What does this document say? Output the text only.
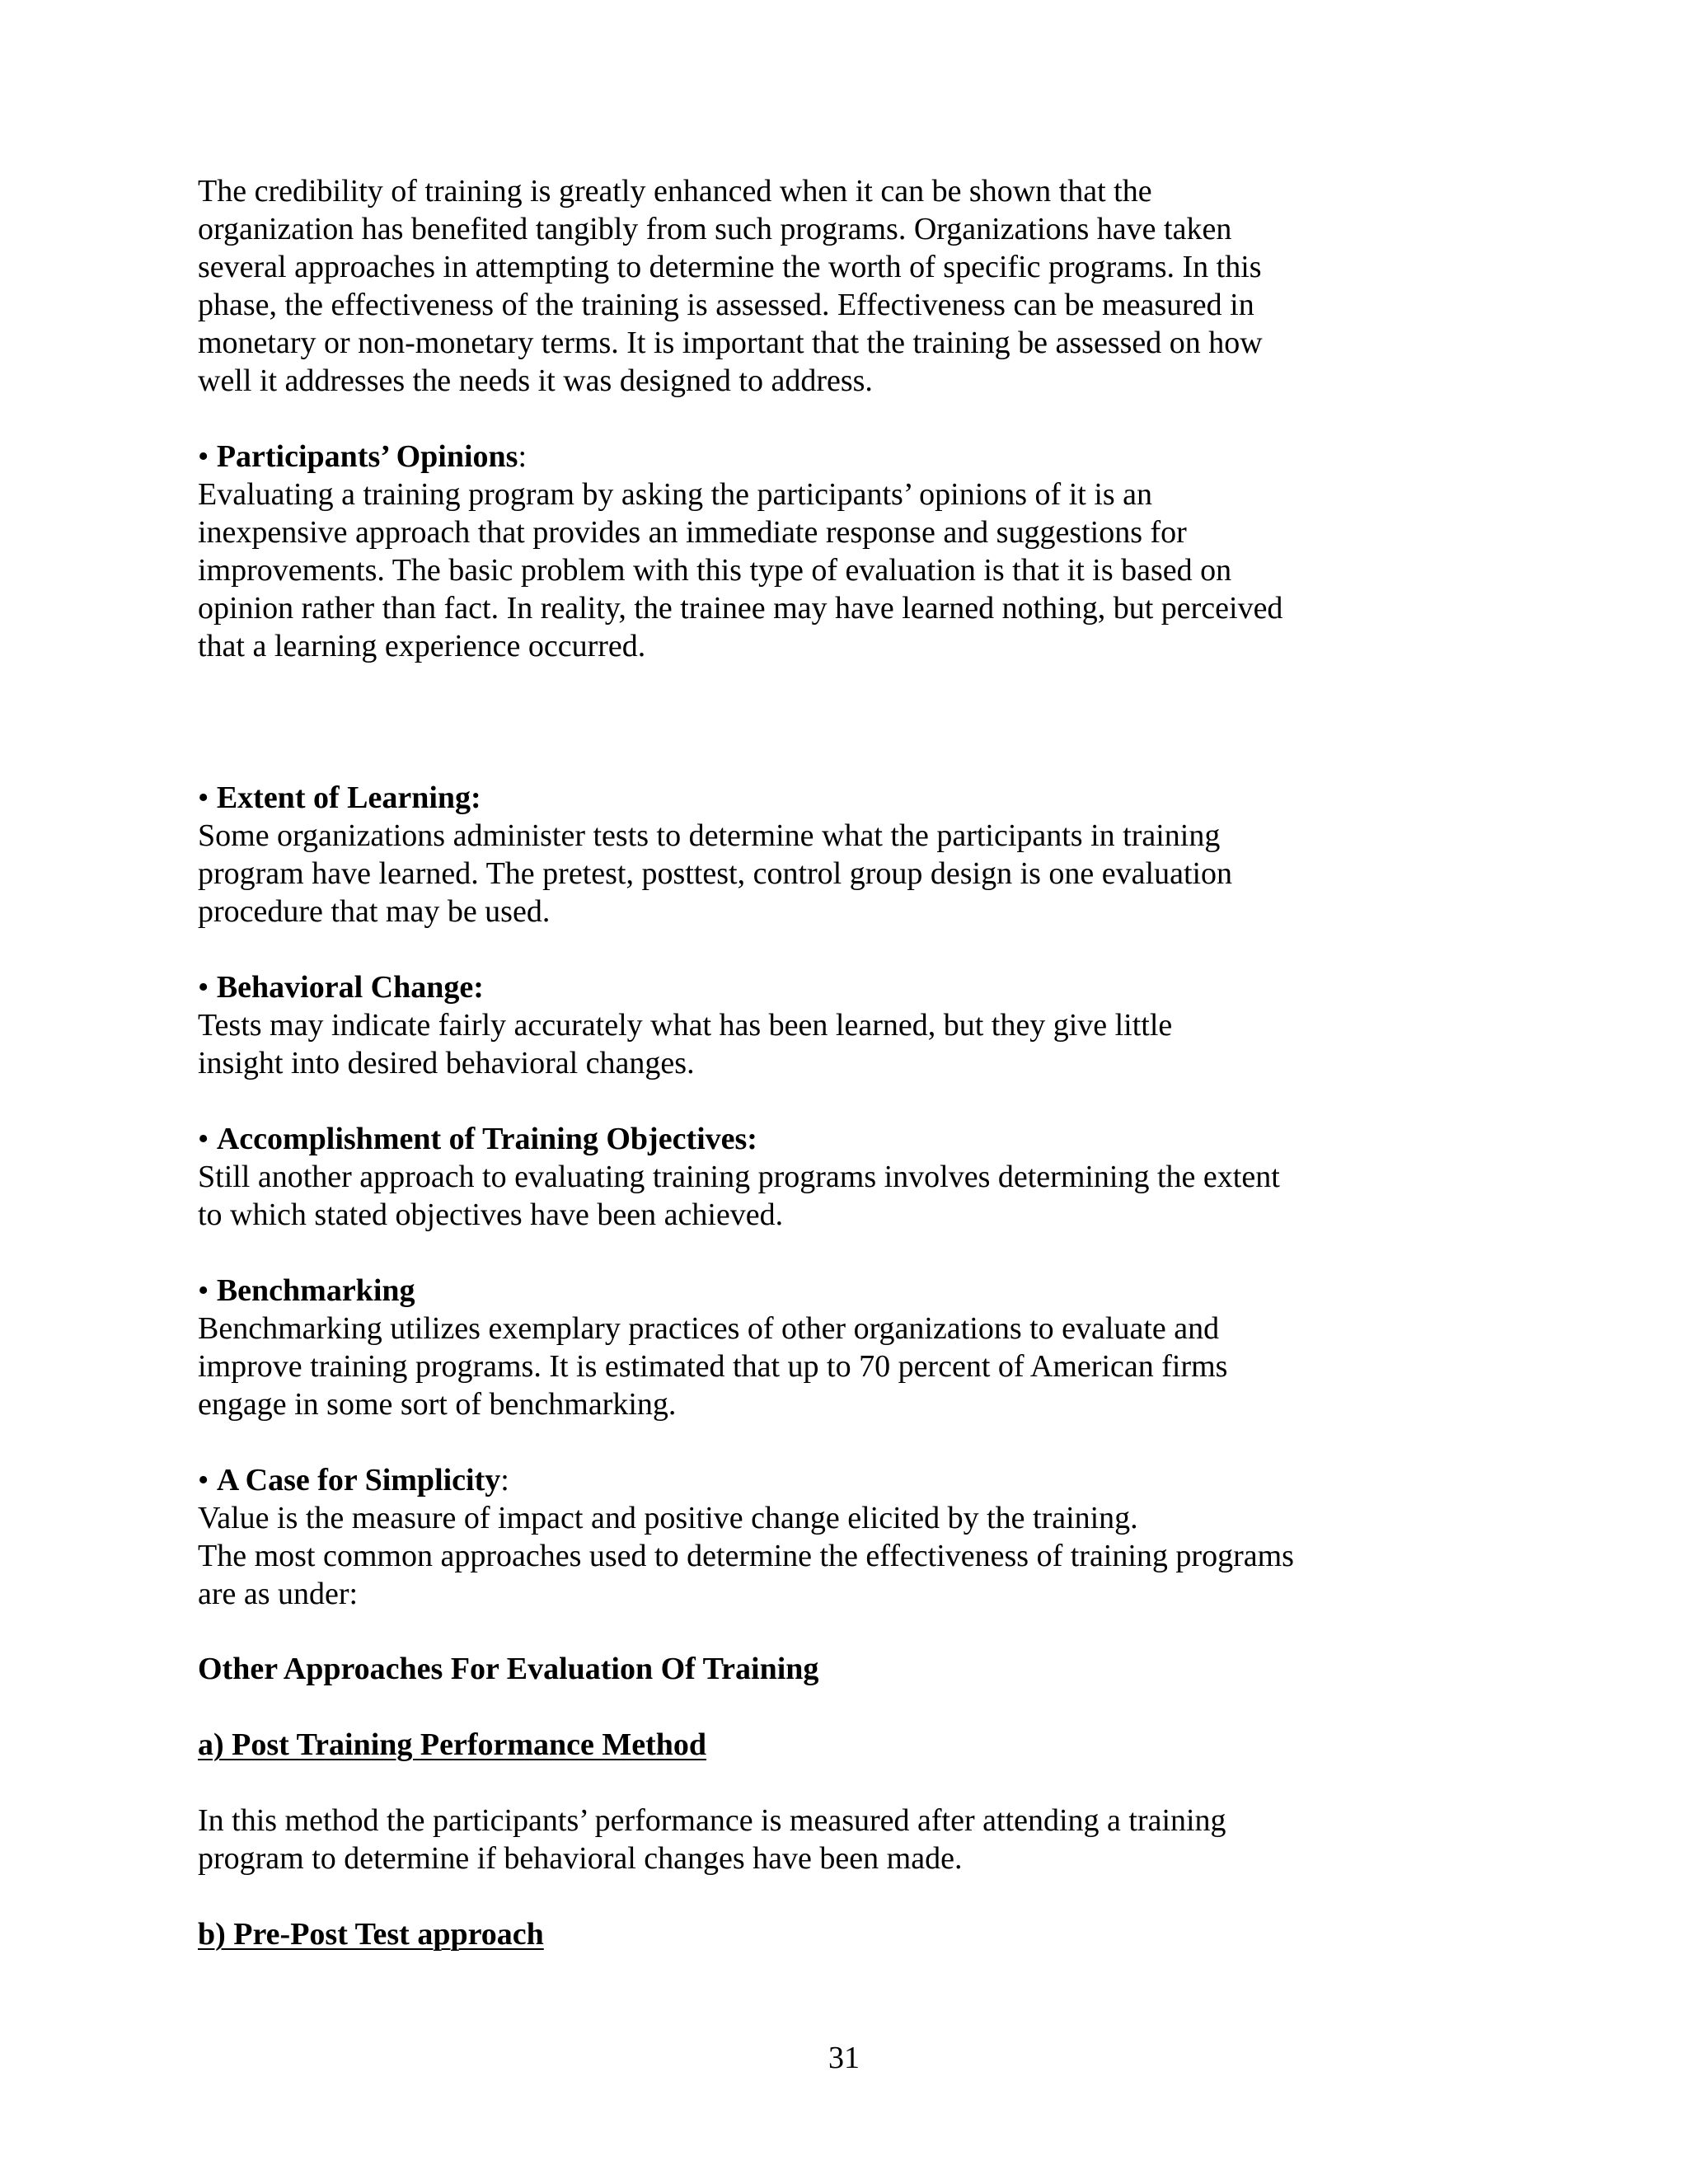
The credibility of training is greatly enhanced when it can be shown that the
organization has benefited tangibly from such programs. Organizations have taken
several approaches in attempting to determine the worth of specific programs. In this
phase, the effectiveness of the training is assessed. Effectiveness can be measured in
monetary or non-monetary terms. It is important that the training be assessed on how
well it addresses the needs it was designed to address.
• Participants’ Opinions:
Evaluating a training program by asking the participants’ opinions of it is an
inexpensive approach that provides an immediate response and suggestions for
improvements. The basic problem with this type of evaluation is that it is based on
opinion rather than fact. In reality, the trainee may have learned nothing, but perceived
that a learning experience occurred.
• Extent of Learning:
Some organizations administer tests to determine what the participants in training
program have learned. The pretest, posttest, control group design is one evaluation
procedure that may be used.
• Behavioral Change:
Tests may indicate fairly accurately what has been learned, but they give little
insight into desired behavioral changes.
• Accomplishment of Training Objectives:
Still another approach to evaluating training programs involves determining the extent
to which stated objectives have been achieved.
• Benchmarking
Benchmarking utilizes exemplary practices of other organizations to evaluate and
improve training programs. It is estimated that up to 70 percent of American firms
engage in some sort of benchmarking.
• A Case for Simplicity:
Value is the measure of impact and positive change elicited by the training.
The most common approaches used to determine the effectiveness of training programs
are as under:
Other Approaches For Evaluation Of Training
a) Post Training Performance Method
In this method the participants’ performance is measured after attending a training
program to determine if behavioral changes have been made.
b) Pre-Post Test approach
31
